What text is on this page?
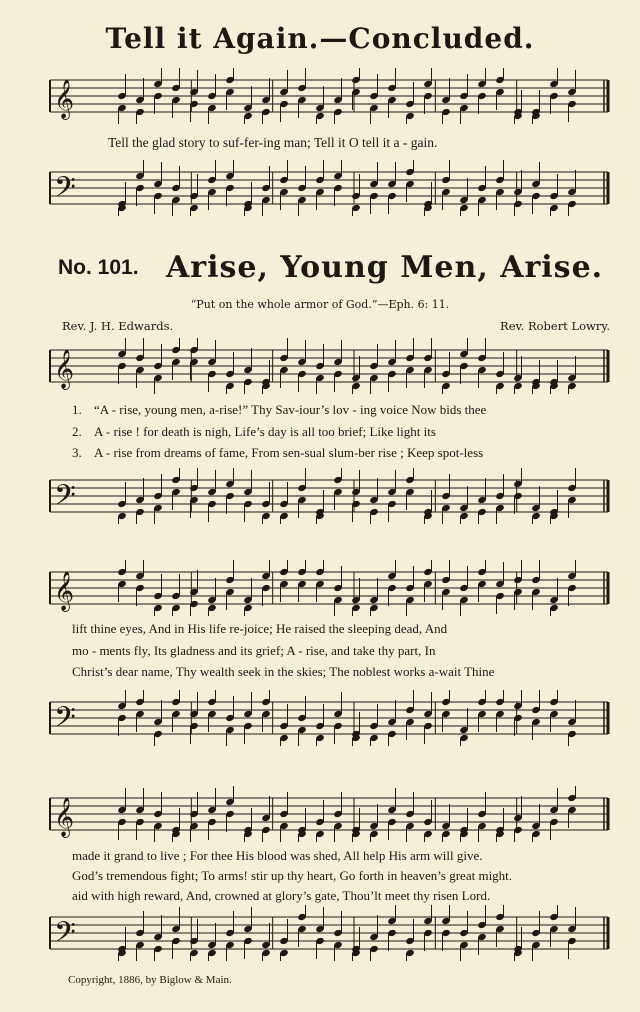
Tell it Again.—Concluded.
𝄞
Tell the glad story to suf-fer-ing man; Tell it O tell it a - gain.
𝄢
No. 101. Arise, Young Men, Arise.
“Put on the whole armor of God.”—Eph. 6: 11.
Rev. J. H. Edwards.	Rev. Robert Lowry.
𝄞
1. “A - rise, young men, a-rise!” Thy Sav-iour’s lov - ing voice Now bids thee
2. A - rise ! for death is nigh, Life’s day is all too brief; Like light its
3. A - rise from dreams of fame, From sen-sual slum-ber rise ; Keep spot-less
𝄢
𝄞
lift thine eyes, And in His life re-joice; He raised the sleeping dead, And
mo - ments fly, Its gladness and its grief; A - rise, and take thy part, In
Christ’s dear name, Thy wealth seek in the skies; The noblest works a-wait Thine
𝄢
𝄞
made it grand to live ; For thee His blood was shed, All help His arm will give.
God’s tremendous fight; To arms! stir up thy heart, Go forth in heaven’s great might.
aid with high reward, And, crowned at glory’s gate, Thou’lt meet thy risen Lord.
𝄢
Copyright, 1886, by Biglow & Main.
